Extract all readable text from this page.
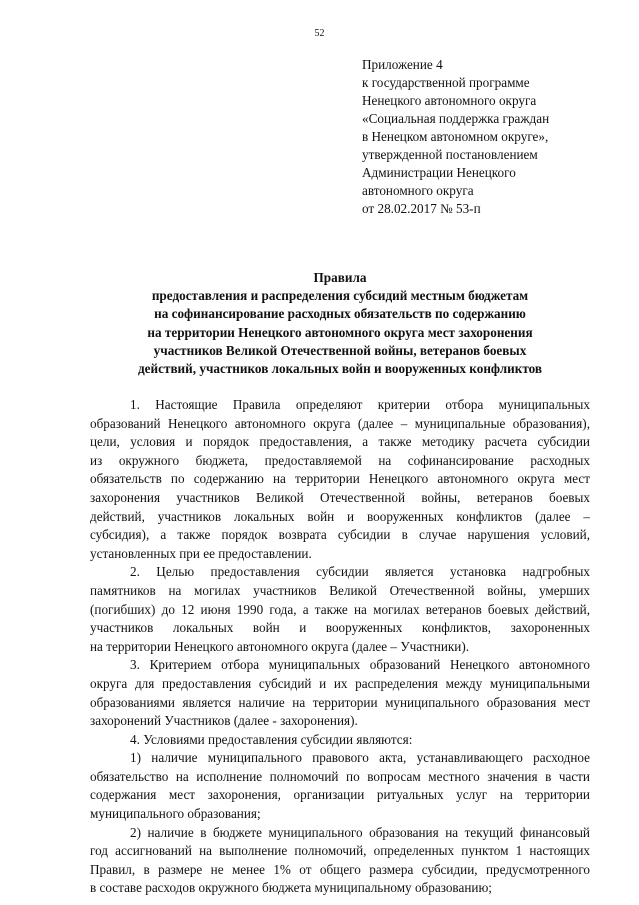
52
Приложение 4
к государственной программе
Ненецкого автономного округа
«Социальная поддержка граждан
в Ненецком автономном округе»,
утвержденной постановлением
Администрации Ненецкого
автономного округа
от 28.02.2017 № 53-п
Правила
предоставления и распределения субсидий местным бюджетам
на софинансирование расходных обязательств по содержанию
на территории Ненецкого автономного округа мест захоронения
участников Великой Отечественной войны, ветеранов боевых
действий, участников локальных войн и вооруженных конфликтов
1. Настоящие Правила определяют критерии отбора муниципальных
образований Ненецкого автономного округа (далее – муниципальные образования),
цели, условия и порядок предоставления, а также методику расчета субсидии
из окружного бюджета, предоставляемой на софинансирование расходных
обязательств по содержанию на территории Ненецкого автономного округа мест
захоронения участников Великой Отечественной войны, ветеранов боевых
действий, участников локальных войн и вооруженных конфликтов (далее –
субсидия), а также порядок возврата субсидии в случае нарушения условий,
установленных при ее предоставлении.
2. Целью предоставления субсидии является установка надгробных
памятников на могилах участников Великой Отечественной войны, умерших
(погибших) до 12 июня 1990 года, а также на могилах ветеранов боевых действий,
участников локальных войн и вооруженных конфликтов, захороненных
на территории Ненецкого автономного округа (далее – Участники).
3. Критерием отбора муниципальных образований Ненецкого автономного
округа для предоставления субсидий и их распределения между муниципальными
образованиями является наличие на территории муниципального образования мест
захоронений Участников (далее - захоронения).
4. Условиями предоставления субсидии являются:
1) наличие муниципального правового акта, устанавливающего расходное
обязательство на исполнение полномочий по вопросам местного значения в части
содержания мест захоронения, организации ритуальных услуг на территории
муниципального образования;
2) наличие в бюджете муниципального образования на текущий финансовый
год ассигнований на выполнение полномочий, определенных пунктом 1 настоящих
Правил, в размере не менее 1% от общего размера субсидии, предусмотренного
в составе расходов окружного бюджета муниципальному образованию;
